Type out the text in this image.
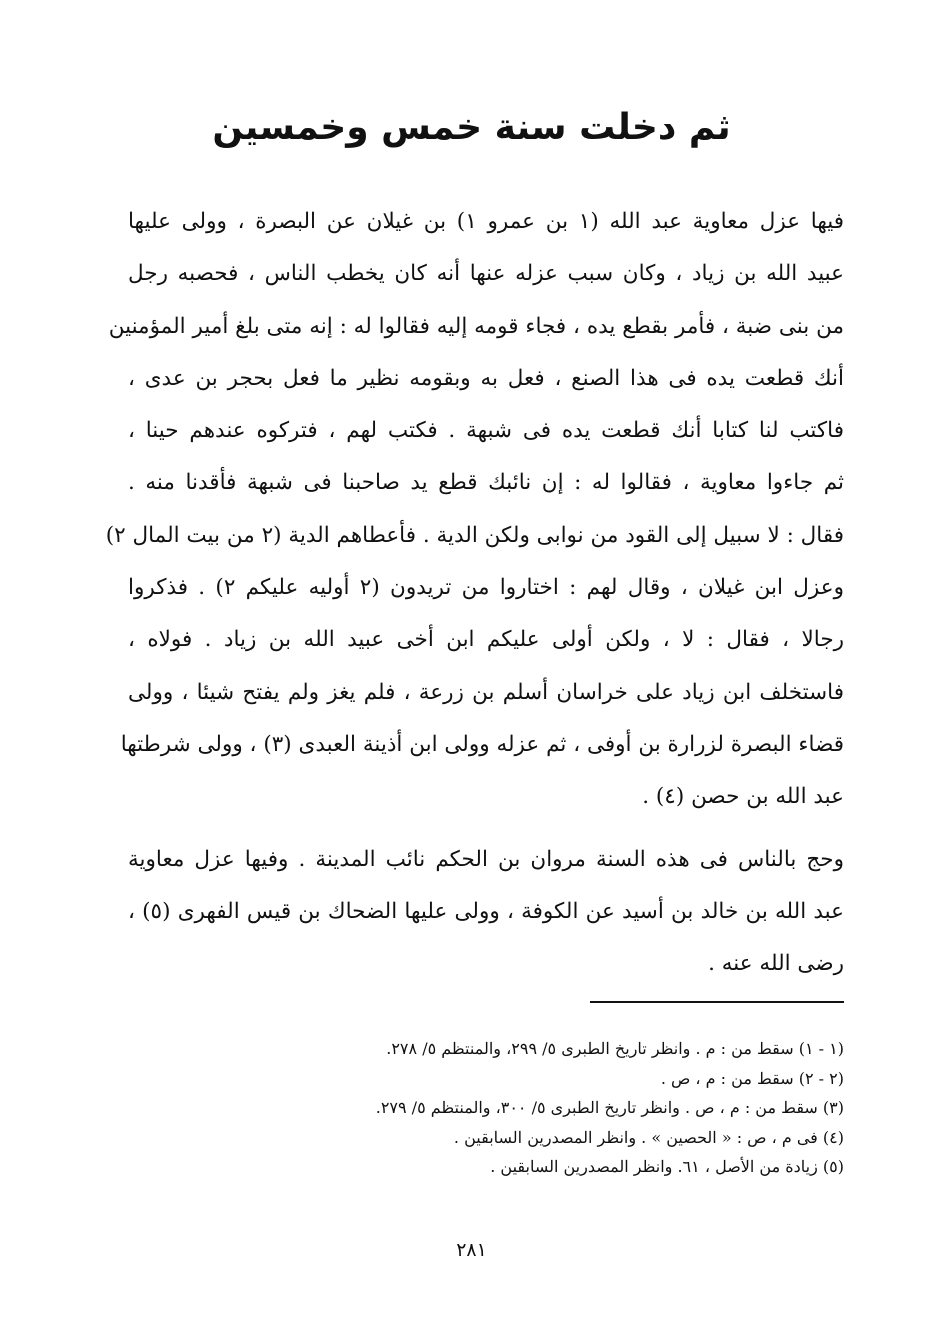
ثم دخلت سنة خمس وخمسين

فيها عزل معاوية عبد الله (١ بن عمرو ١) بن غيلان عن البصرة ، وولى عليها
عبيد الله بن زياد ، وكان سبب عزله عنها أنه كان يخطب الناس ، فحصبه رجل
من بنى ضبة ، فأمر بقطع يده ، فجاء قومه إليه فقالوا له : إنه متى بلغ أمير المؤمنين
أنك قطعت يده فى هذا الصنع ، فعل به وبقومه نظير ما فعل بحجر بن عدى ،
فاكتب لنا كتابا أنك قطعت يده فى شبهة . فكتب لهم ، فتركوه عندهم حينا ،
ثم جاءوا معاوية ، فقالوا له : إن نائبك قطع يد صاحبنا فى شبهة فأقدنا منه .
فقال : لا سبيل إلى القود من نوابى ولكن الدية . فأعطاهم الدية (٢ من بيت المال ٢)
وعزل ابن غيلان ، وقال لهم : اختاروا من تريدون (٢ أوليه عليكم ٢) . فذكروا
رجالا ، فقال : لا ، ولكن أولى عليكم ابن أخى عبيد الله بن زياد . فولاه ،
فاستخلف ابن زياد على خراسان أسلم بن زرعة ، فلم يغز ولم يفتح شيئا ، وولى
قضاء البصرة لزرارة بن أوفى ، ثم عزله وولى ابن أذينة العبدى (٣) ، وولى شرطتها
عبد الله بن حصن (٤) .

وحج بالناس فى هذه السنة مروان بن الحكم نائب المدينة . وفيها عزل معاوية
عبد الله بن خالد بن أسيد عن الكوفة ، وولى عليها الضحاك بن قيس الفهرى (٥) ،
رضى الله عنه .

(١ - ١) سقط من : م . وانظر تاريخ الطبرى ٥/ ٢٩٩، والمنتظم ٥/ ٢٧٨.
(٢ - ٢) سقط من : م ، ص .
(٣) سقط من : م ، ص . وانظر تاريخ الطبرى ٥/ ٣٠٠، والمنتظم ٥/ ٢٧٩.
(٤) فى م ، ص : « الحصين » . وانظر المصدرين السابقين .
(٥) زيادة من الأصل ، ٦١. وانظر المصدرين السابقين .
٢٨١
